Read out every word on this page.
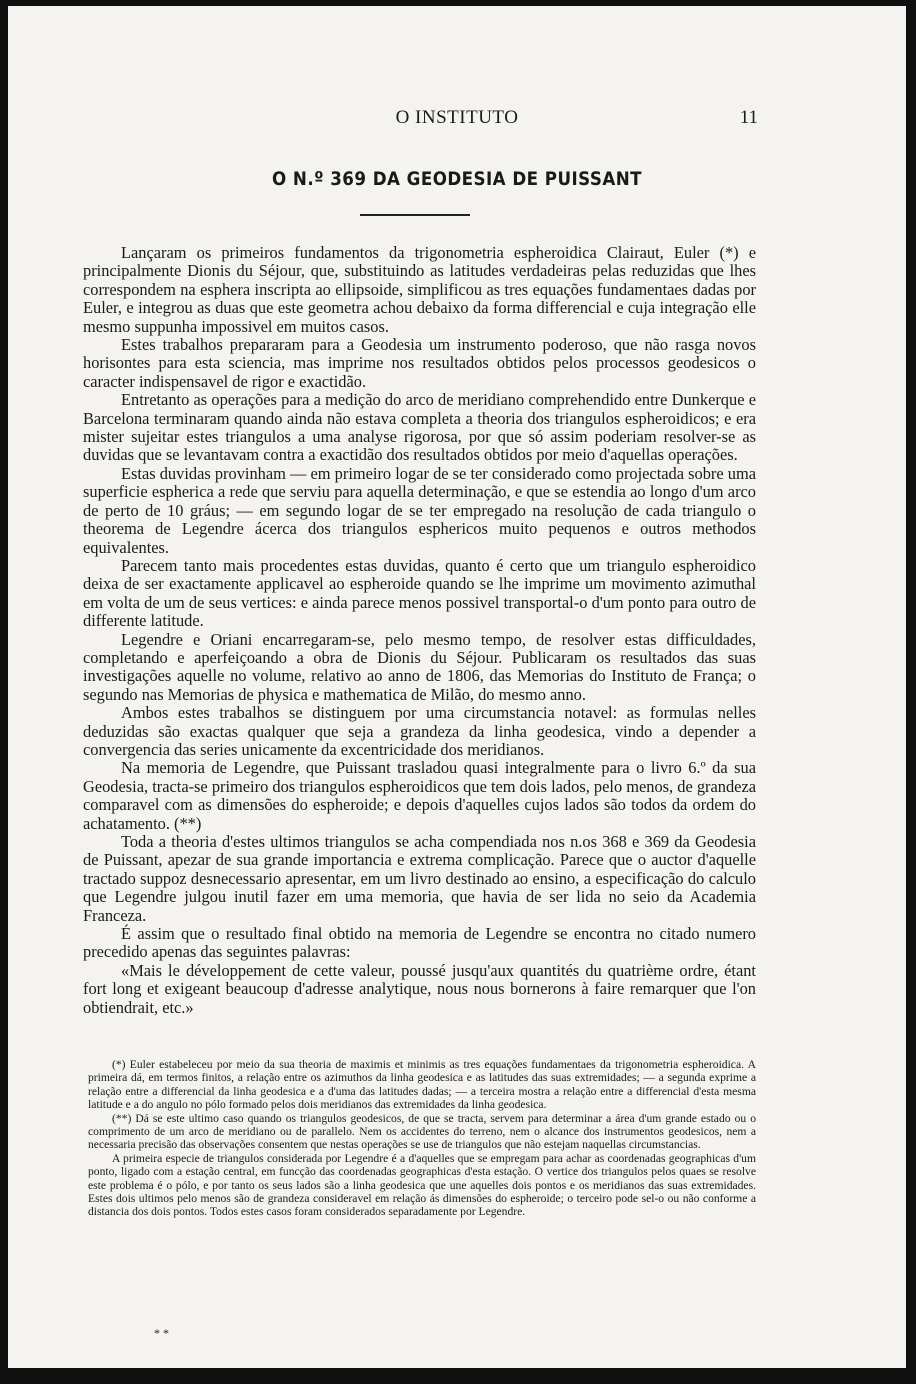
O INSTITUTO	11
O N.º 369 DA GEODESIA DE PUISSANT

Lançaram os primeiros fundamentos da trigonometria espheroidica Clairaut, Euler (*) e principalmente Dionis du Séjour, que, substituindo as latitudes verdadeiras pelas reduzidas que lhes correspondem na esphera inscripta ao ellipsoide, simplificou as tres equações fundamentaes dadas por Euler, e integrou as duas que este geometra achou debaixo da forma differencial e cuja integração elle mesmo suppunha impossivel em muitos casos.

Estes trabalhos prepararam para a Geodesia um instrumento poderoso, que não rasga novos horisontes para esta sciencia, mas imprime nos resultados obtidos pelos processos geodesicos o caracter indispensavel de rigor e exactidão.

Entretanto as operações para a medição do arco de meridiano comprehendido entre Dunkerque e Barcelona terminaram quando ainda não estava completa a theoria dos triangulos espheroidicos; e era mister sujeitar estes triangulos a uma analyse rigorosa, por que só assim poderiam resolver-se as duvidas que se levantavam contra a exactidão dos resultados obtidos por meio d'aquellas operações.

Estas duvidas provinham — em primeiro logar de se ter considerado como projectada sobre uma superficie espherica a rede que serviu para aquella determinação, e que se estendia ao longo d'um arco de perto de 10 gráus; — em segundo logar de se ter empregado na resolução de cada triangulo o theorema de Legendre ácerca dos triangulos esphericos muito pequenos e outros methodos equivalentes.

Parecem tanto mais procedentes estas duvidas, quanto é certo que um triangulo espheroidico deixa de ser exactamente applicavel ao espheroide quando se lhe imprime um movimento azimuthal em volta de um de seus vertices: e ainda parece menos possivel transportal-o d'um ponto para outro de differente latitude.

Legendre e Oriani encarregaram-se, pelo mesmo tempo, de resolver estas difficuldades, completando e aperfeiçoando a obra de Dionis du Séjour. Publicaram os resultados das suas investigações aquelle no volume, relativo ao anno de 1806, das Memorias do Instituto de França; o segundo nas Memorias de physica e mathematica de Milão, do mesmo anno.

Ambos estes trabalhos se distinguem por uma circumstancia notavel: as formulas nelles deduzidas são exactas qualquer que seja a grandeza da linha geodesica, vindo a depender a convergencia das series unicamente da excentricidade dos meridianos.

Na memoria de Legendre, que Puissant trasladou quasi integralmente para o livro 6.º da sua Geodesia, tracta-se primeiro dos triangulos espheroidicos que tem dois lados, pelo menos, de grandeza comparavel com as dimensões do espheroide; e depois d'aquelles cujos lados são todos da ordem do achatamento. (**)

Toda a theoria d'estes ultimos triangulos se acha compendiada nos n.os 368 e 369 da Geodesia de Puissant, apezar de sua grande importancia e extrema complicação. Parece que o auctor d'aquelle tractado suppoz desnecessario apresentar, em um livro destinado ao ensino, a especificação do calculo que Legendre julgou inutil fazer em uma memoria, que havia de ser lida no seio da Academia Franceza.

É assim que o resultado final obtido na memoria de Legendre se encontra no citado numero precedido apenas das seguintes palavras:

«Mais le développement de cette valeur, poussé jusqu'aux quantités du quatrième ordre, étant fort long et exigeant beaucoup d'adresse analytique, nous nous bornerons à faire remarquer que l'on obtiendrait, etc.»

(*) Euler estabeleceu por meio da sua theoria de maximis et minimis as tres equações fundamentaes da trigonometria espheroidica. A primeira dá, em termos finitos, a relação entre os azimuthos da linha geodesica e as latitudes das suas extremidades; — a segunda exprime a relação entre a differencial da linha geodesica e a d'uma das latitudes dadas; — a terceira mostra a relação entre a differencial d'esta mesma latitude e a do angulo no pólo formado pelos dois meridianos das extremidades da linha geodesica.

(**) Dá se este ultimo caso quando os triangulos geodesicos, de que se tracta, servem para determinar a área d'um grande estado ou o comprimento de um arco de meridiano ou de parallelo. Nem os accidentes do terreno, nem o alcance dos instrumentos geodesicos, nem a necessaria precisão das observações consentem que nestas operações se use de triangulos que não estejam naquellas circumstancias.

A primeira especie de triangulos considerada por Legendre é a d'aquelles que se empregam para achar as coordenadas geographicas d'um ponto, ligado com a estação central, em funcção das coordenadas geographicas d'esta estação. O vertice dos triangulos pelos quaes se resolve este problema é o pólo, e por tanto os seus lados são a linha geodesica que une aquelles dois pontos e os meridianos das suas extremidades. Estes dois ultimos pelo menos são de grandeza consideravel em relação ás dimensões do espheroide; o terceiro pode sel-o ou não conforme a distancia dos dois pontos. Todos estes casos foram considerados separadamente por Legendre.

* *
